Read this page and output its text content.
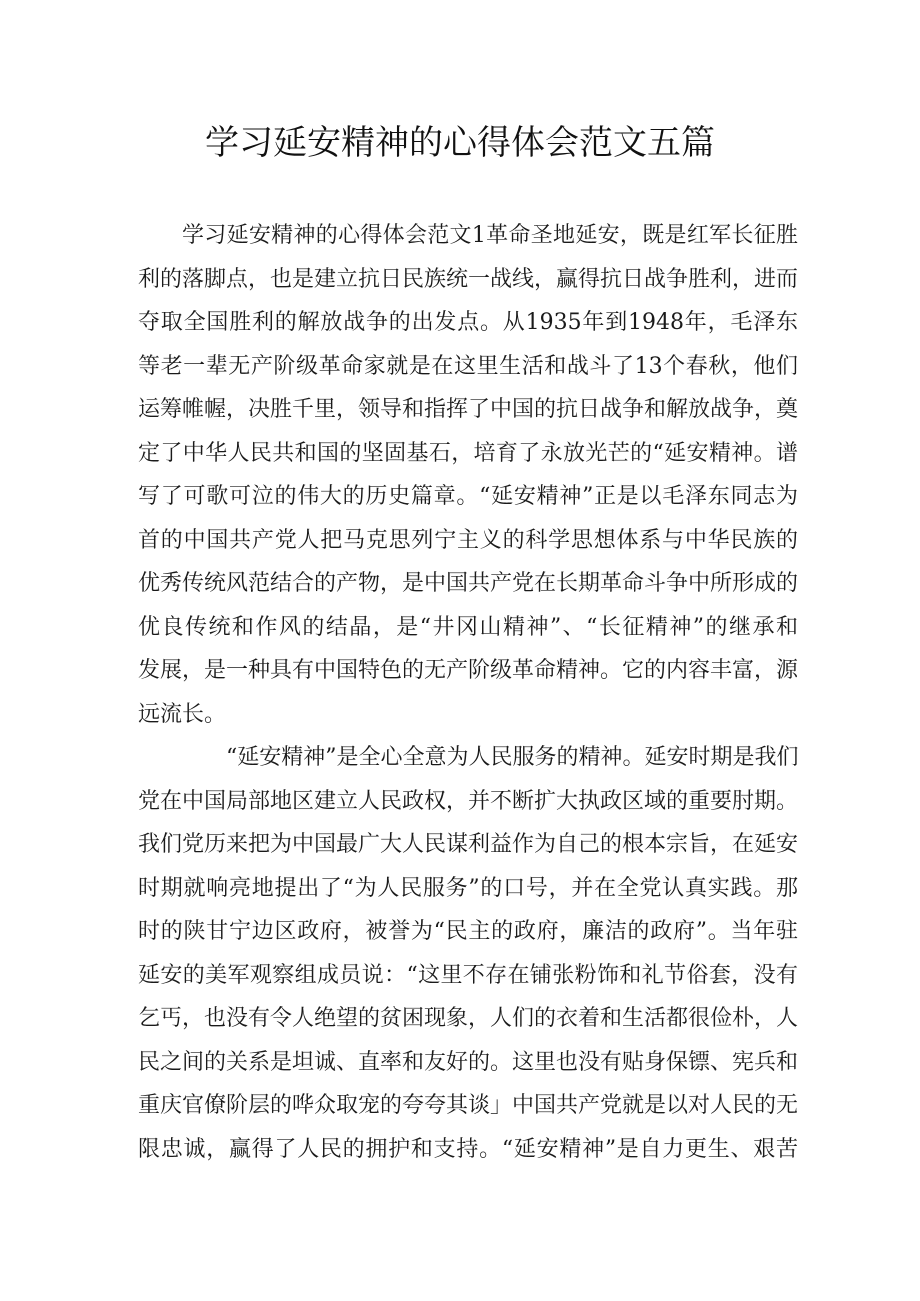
学习延安精神的心得体会范文五篇
学习延安精神的心得体会范文1革命圣地延安，既是红军长征胜
利的落脚点，也是建立抗日民族统一战线，赢得抗日战争胜利，进而
夺取全国胜利的解放战争的出发点。从1935年到1948年，毛泽东
等老一辈无产阶级革命家就是在这里生活和战斗了13个春秋，他们
运筹帷幄，决胜千里，领导和指挥了中国的抗日战争和解放战争，奠
定了中华人民共和国的坚固基石，培育了永放光芒的“延安精神。谱
写了可歌可泣的伟大的历史篇章。“延安精神”正是以毛泽东同志为
首的中国共产党人把马克思列宁主义的科学思想体系与中华民族的
优秀传统风范结合的产物，是中国共产党在长期革命斗争中所形成的
优良传统和作风的结晶，是“井冈山精神”、“长征精神”的继承和
发展，是一种具有中国特色的无产阶级革命精神。它的内容丰富，源
远流长。
“延安精神”是全心全意为人民服务的精神。延安时期是我们
党在中国局部地区建立人民政权，并不断扩大执政区域的重要肘期。
我们党历来把为中国最广大人民谋利益作为自己的根本宗旨，在延安
时期就响亮地提出了“为人民服务”的口号，并在全党认真实践。那
时的陕甘宁边区政府，被誉为“民主的政府，廉洁的政府”。当年驻
延安的美军观察组成员说：“这里不存在铺张粉饰和礼节俗套，没有
乞丐，也没有令人绝望的贫困现象，人们的衣着和生活都很俭朴，人
民之间的关系是坦诚、直率和友好的。这里也没有贴身保镖、宪兵和
重庆官僚阶层的哗众取宠的夸夸其谈」中国共产党就是以对人民的无
限忠诚，赢得了人民的拥护和支持。“延安精神”是自力更生、艰苦
